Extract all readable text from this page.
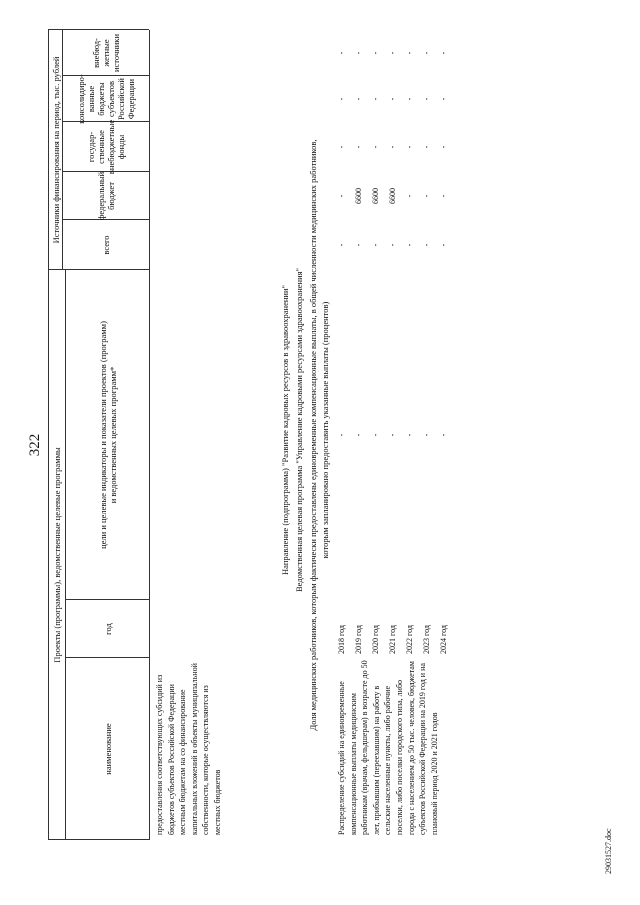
322
Проекты (программы), ведомственные целевые программы
Источники финансирования на период, тыс. рублей
наименование
год
цели и целевые индикаторы и показатели проектов (программ) и ведомственных целевых программ*
всего
федеральный бюджет
государ-ственные внебюджетные фонды
консолидиро-ванные бюджеты субъектов Российской Федерации
внебюд-жетные источники
предоставления соответствующих субсидий из бюджетов субъектов Российской Федерации местным бюджетам на со финансирование капитальных вложений в объекты муниципальной собственности, которые осуществляются из местных бюджетов
Направление (подпрограмма) "Развитие кадровых ресурсов в здравоохранении" Ведомственная целевая программа "Управление кадровыми ресурсами здравоохранения" Доля медицинских работников, которым фактически предоставлены единовременные компенсационные выплаты, в общей численности медицинских работников, которым запланировано предоставить указанные выплаты (процентов)
Распределение субсидий на единовременные компенсационные выплаты медицинским работникам (врачам, фельдшерам) в возрасте до 50 лет, прибывшим (переехавшим) на работу в сельские населенные пункты, либо рабочие поселки, либо поселки городского типа, либо города с населением до 50 тыс. человек, бюджетам субъектов Российской Федерации на 2019 год и на плановый период 2020 и 2021 годов
2018 год
-
-
-
-
-
-
2019 год
-
-
6600
-
-
-
2020 год
-
-
6600
-
-
-
2021 год
-
-
6600
-
-
-
2022 год
-
-
-
-
-
-
2023 год
-
-
-
-
-
-
2024 год
-
-
-
-
-
-
29031527.doc
